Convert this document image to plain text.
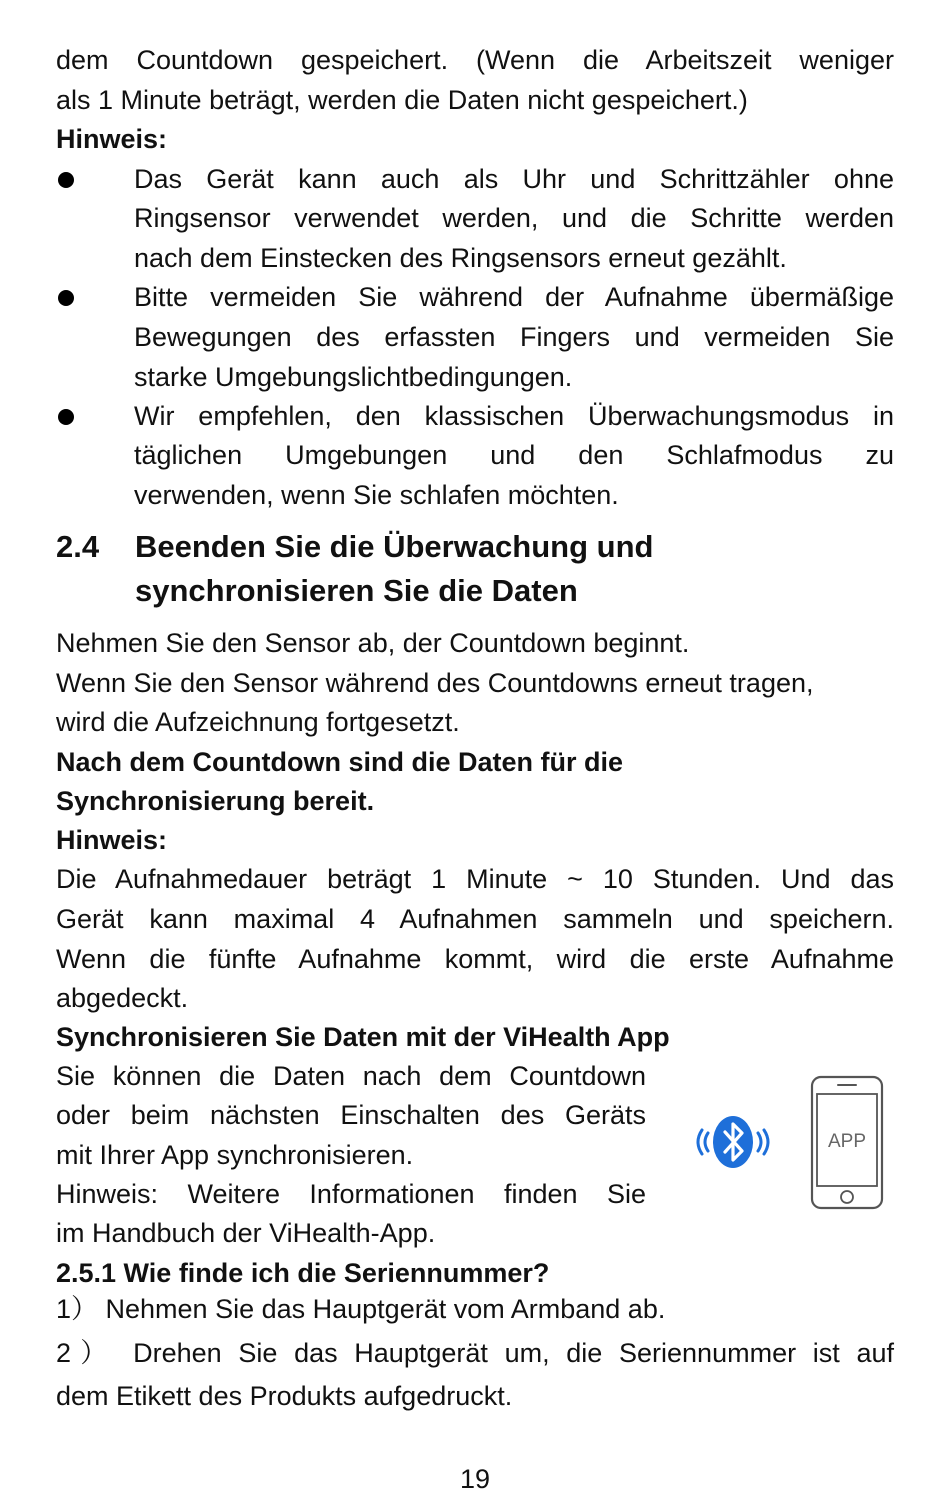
dem Countdown gespeichert. (Wenn die Arbeitszeit weniger
als 1 Minute beträgt, werden die Daten nicht gespeichert.)
Hinweis:
Das Gerät kann auch als Uhr und Schrittzähler ohne
Ringsensor verwendet werden, und die Schritte werden
nach dem Einstecken des Ringsensors erneut gezählt.
Bitte vermeiden Sie während der Aufnahme übermäßige
Bewegungen des erfassten Fingers und vermeiden Sie
starke Umgebungslichtbedingungen.
Wir empfehlen, den klassischen Überwachungsmodus in
täglichen Umgebungen und den Schlafmodus zu
verwenden, wenn Sie schlafen möchten.
2.4 Beenden Sie die Überwachung und
synchronisieren Sie die Daten
Nehmen Sie den Sensor ab, der Countdown beginnt.
Wenn Sie den Sensor während des Countdowns erneut tragen,
wird die Aufzeichnung fortgesetzt.
Nach dem Countdown sind die Daten für die
Synchronisierung bereit.
Hinweis:
Die Aufnahmedauer beträgt 1 Minute ~ 10 Stunden. Und das
Gerät kann maximal 4 Aufnahmen sammeln und speichern.
Wenn die fünfte Aufnahme kommt, wird die erste Aufnahme
abgedeckt.
Synchronisieren Sie Daten mit der ViHealth App
Sie können die Daten nach dem Countdown
oder beim nächsten Einschalten des Geräts
mit Ihrer App synchronisieren.
Hinweis: Weitere Informationen finden Sie
im Handbuch der ViHealth-App.
APP
2.5.1 Wie finde ich die Seriennummer?
1） Nehmen Sie das Hauptgerät vom Armband ab.
2） Drehen Sie das Hauptgerät um, die Seriennummer ist auf
dem Etikett des Produkts aufgedruckt.
19
